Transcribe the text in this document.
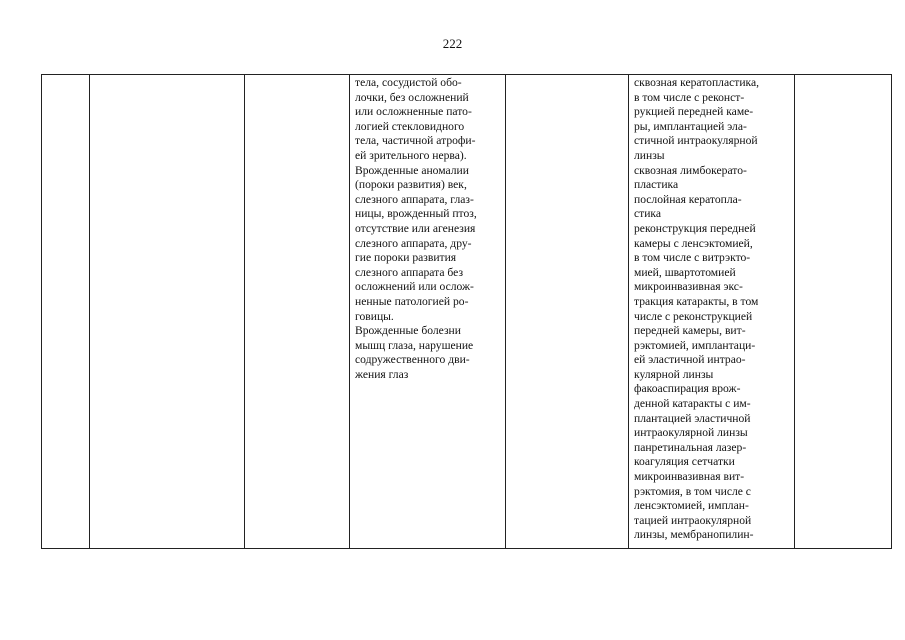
222

тела, сосудистой обо-
лочки, без осложнений
или осложненные пато-
логией стекловидного
тела, частичной атрофи-
ей зрительного нерва).
Врожденные аномалии
(пороки развития) век,
слезного аппарата, глаз-
ницы, врожденный птоз,
отсутствие или агенезия
слезного аппарата, дру-
гие пороки развития
слезного аппарата без
осложнений или ослож-
ненные патологией ро-
говицы.
Врожденные болезни
мышц глаза, нарушение
содружественного дви-
жения глаз

сквозная кератопластика,
в том числе с реконст-
рукцией передней каме-
ры, имплантацией эла-
стичной интраокулярной
линзы
сквозная лимбокерато-
пластика
послойная кератопла-
стика
реконструкция передней
камеры с ленсэктомией,
в том числе с витрэкто-
мией, швартотомией
микроинвазивная экс-
тракция катаракты, в том
числе с реконструкцией
передней камеры, вит-
рэктомией, имплантаци-
ей эластичной интрао-
кулярной линзы
факоаспирация врож-
денной катаракты с им-
плантацией эластичной
интраокулярной линзы
панретинальная лазер-
коагуляция сетчатки
микроинвазивная вит-
рэктомия, в том числе с
ленсэктомией, имплан-
тацией интраокулярной
линзы, мембранопилин-
